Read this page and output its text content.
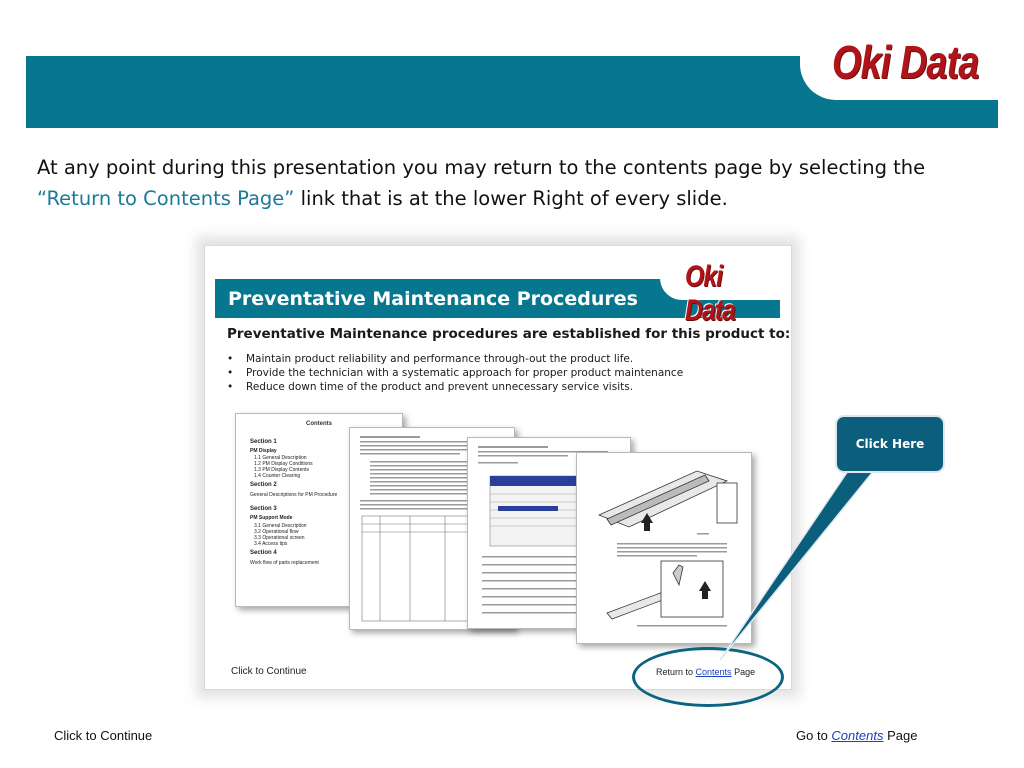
Oki Data
At any point during this presentation you may return to the contents page by selecting the “Return to Contents Page” link that is at the lower Right of every slide.
Oki Data
Preventative Maintenance Procedures
Preventative Maintenance procedures are established for this product to:
• Maintain product reliability and performance through-out the product life.
• Provide the technician with a systematic approach for proper product maintenance
• Reduce down time of the product and prevent unnecessary service visits.
Contents
Section 1
PM Display
1.1 General Description
1.2 PM Display Conditions
1.3 PM Display Contents
1.4 Counter Clearing
Section 2
General Descriptions for PM Procedure
Section 3
PM Support Mode
3.1 General Description
3.2 Operational flow
3.3 Operational screen
3.4 Access tips
Section 4
Work flow of parts replacement
Click to Continue	Return to Contents Page
Click Here
Click to Continue	Go to Contents Page
